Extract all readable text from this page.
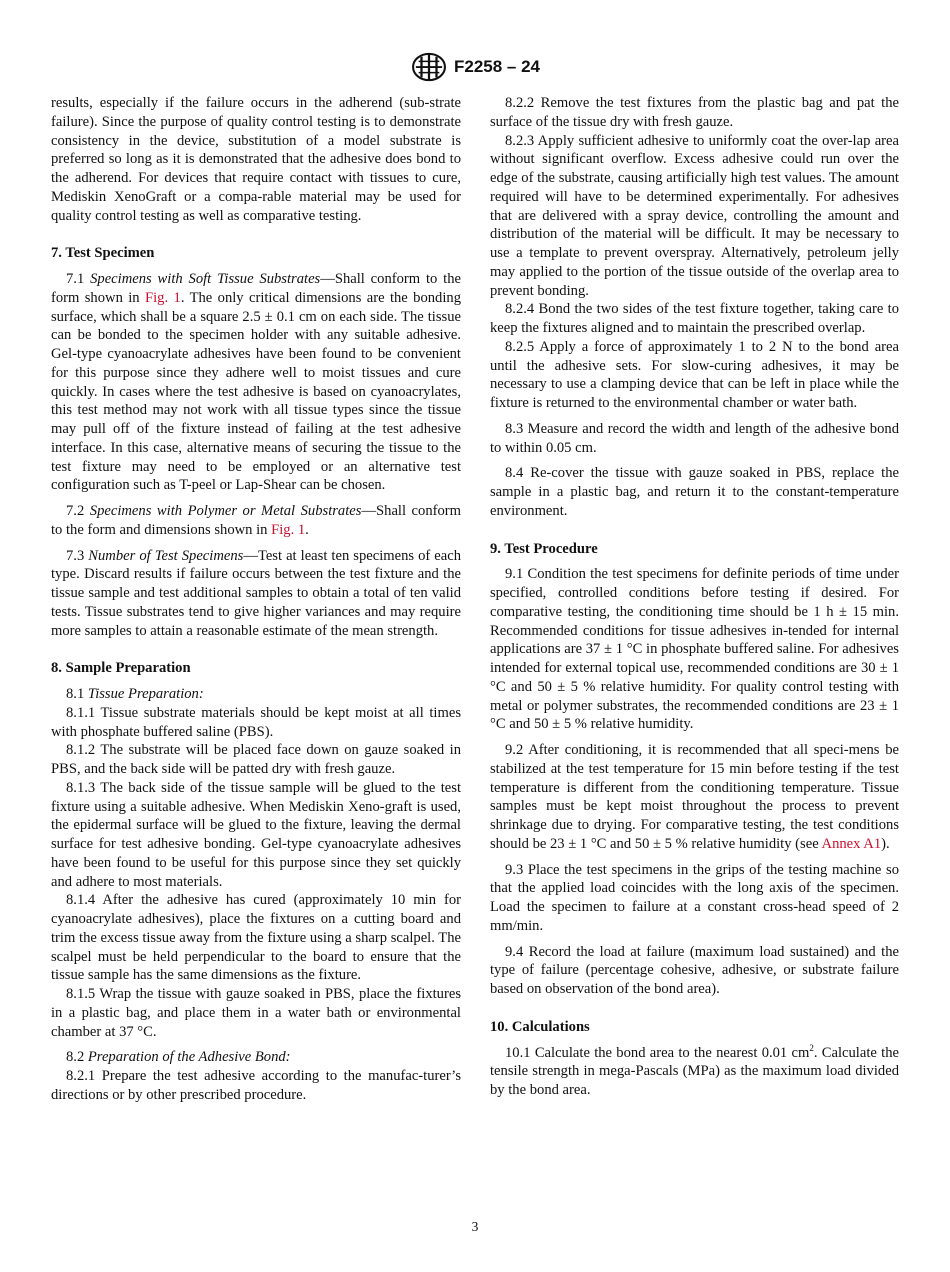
F2258 – 24

results, especially if the failure occurs in the adherend (sub-strate failure). Since the purpose of quality control testing is to demonstrate consistency in the device, substitution of a model substrate is preferred so long as it is demonstrated that the adhesive does bond to the adherend. For devices that require contact with tissues to cure, Mediskin XenoGraft or a compa-rable material may be used for quality control testing as well as comparative testing.

7. Test Specimen

7.1 Specimens with Soft Tissue Substrates—Shall conform to the form shown in Fig. 1. The only critical dimensions are the bonding surface, which shall be a square 2.5 ± 0.1 cm on each side. The tissue can be bonded to the specimen holder with any suitable adhesive. Gel-type cyanoacrylate adhesives have been found to be convenient for this purpose since they adhere well to moist tissues and cure quickly. In cases where the test adhesive is based on cyanoacrylates, this test method may not work with all tissue types since the tissue may pull off of the fixture instead of failing at the test adhesive interface. In this case, alternative means of securing the tissue to the test fixture may need to be employed or an alternative test configuration such as T-peel or Lap-Shear can be chosen.

7.2 Specimens with Polymer or Metal Substrates—Shall conform to the form and dimensions shown in Fig. 1.

7.3 Number of Test Specimens—Test at least ten specimens of each type. Discard results if failure occurs between the test fixture and the tissue sample and test additional samples to obtain a total of ten valid tests. Tissue substrates tend to give higher variances and may require more samples to attain a reasonable estimate of the mean strength.

8. Sample Preparation

8.1 Tissue Preparation:

8.1.1 Tissue substrate materials should be kept moist at all times with phosphate buffered saline (PBS).

8.1.2 The substrate will be placed face down on gauze soaked in PBS, and the back side will be patted dry with fresh gauze.

8.1.3 The back side of the tissue sample will be glued to the test fixture using a suitable adhesive. When Mediskin Xeno-graft is used, the epidermal surface will be glued to the fixture, leaving the dermal surface for test adhesive bonding. Gel-type cyanoacrylate adhesives have been found to be useful for this purpose since they set quickly and adhere to most materials.

8.1.4 After the adhesive has cured (approximately 10 min for cyanoacrylate adhesives), place the fixtures on a cutting board and trim the excess tissue away from the fixture using a sharp scalpel. The scalpel must be held perpendicular to the board to ensure that the tissue sample has the same dimensions as the fixture.

8.1.5 Wrap the tissue with gauze soaked in PBS, place the fixtures in a plastic bag, and place them in a water bath or environmental chamber at 37 °C.

8.2 Preparation of the Adhesive Bond:

8.2.1 Prepare the test adhesive according to the manufac-turer’s directions or by other prescribed procedure.

8.2.2 Remove the test fixtures from the plastic bag and pat the surface of the tissue dry with fresh gauze.

8.2.3 Apply sufficient adhesive to uniformly coat the over-lap area without significant overflow. Excess adhesive could run over the edge of the substrate, causing artificially high test values. The amount required will have to be determined experimentally. For adhesives that are delivered with a spray device, controlling the amount and distribution of the material will be difficult. It may be necessary to use a template to prevent overspray. Alternatively, petroleum jelly may applied to the portion of the tissue outside of the overlap area to prevent bonding.

8.2.4 Bond the two sides of the test fixture together, taking care to keep the fixtures aligned and to maintain the prescribed overlap.

8.2.5 Apply a force of approximately 1 to 2 N to the bond area until the adhesive sets. For slow-curing adhesives, it may be necessary to use a clamping device that can be left in place while the fixture is returned to the environmental chamber or water bath.

8.3 Measure and record the width and length of the adhesive bond to within 0.05 cm.

8.4 Re-cover the tissue with gauze soaked in PBS, replace the sample in a plastic bag, and return it to the constant-temperature environment.

9. Test Procedure

9.1 Condition the test specimens for definite periods of time under specified, controlled conditions before testing if desired. For comparative testing, the conditioning time should be 1 h ± 15 min. Recommended conditions for tissue adhesives in-tended for internal applications are 37 ± 1 °C in phosphate buffered saline. For adhesives intended for external topical use, recommended conditions are 30 ± 1 °C and 50 ± 5 % relative humidity. For quality control testing with metal or polymer substrates, the recommended conditions are 23 ± 1 °C and 50 ± 5 % relative humidity.

9.2 After conditioning, it is recommended that all speci-mens be stabilized at the test temperature for 15 min before testing if the test temperature is different from the conditioning temperature. Tissue samples must be kept moist throughout the process to prevent shrinkage due to drying. For comparative testing, the test conditions should be 23 ± 1 °C and 50 ± 5 % relative humidity (see Annex A1).

9.3 Place the test specimens in the grips of the testing machine so that the applied load coincides with the long axis of the specimen. Load the specimen to failure at a constant cross-head speed of 2 mm/min.

9.4 Record the load at failure (maximum load sustained) and the type of failure (percentage cohesive, adhesive, or substrate failure based on observation of the bond area).

10. Calculations

10.1 Calculate the bond area to the nearest 0.01 $cm^2$. Calculate the tensile strength in mega-Pascals (MPa) as the maximum load divided by the bond area.

3
